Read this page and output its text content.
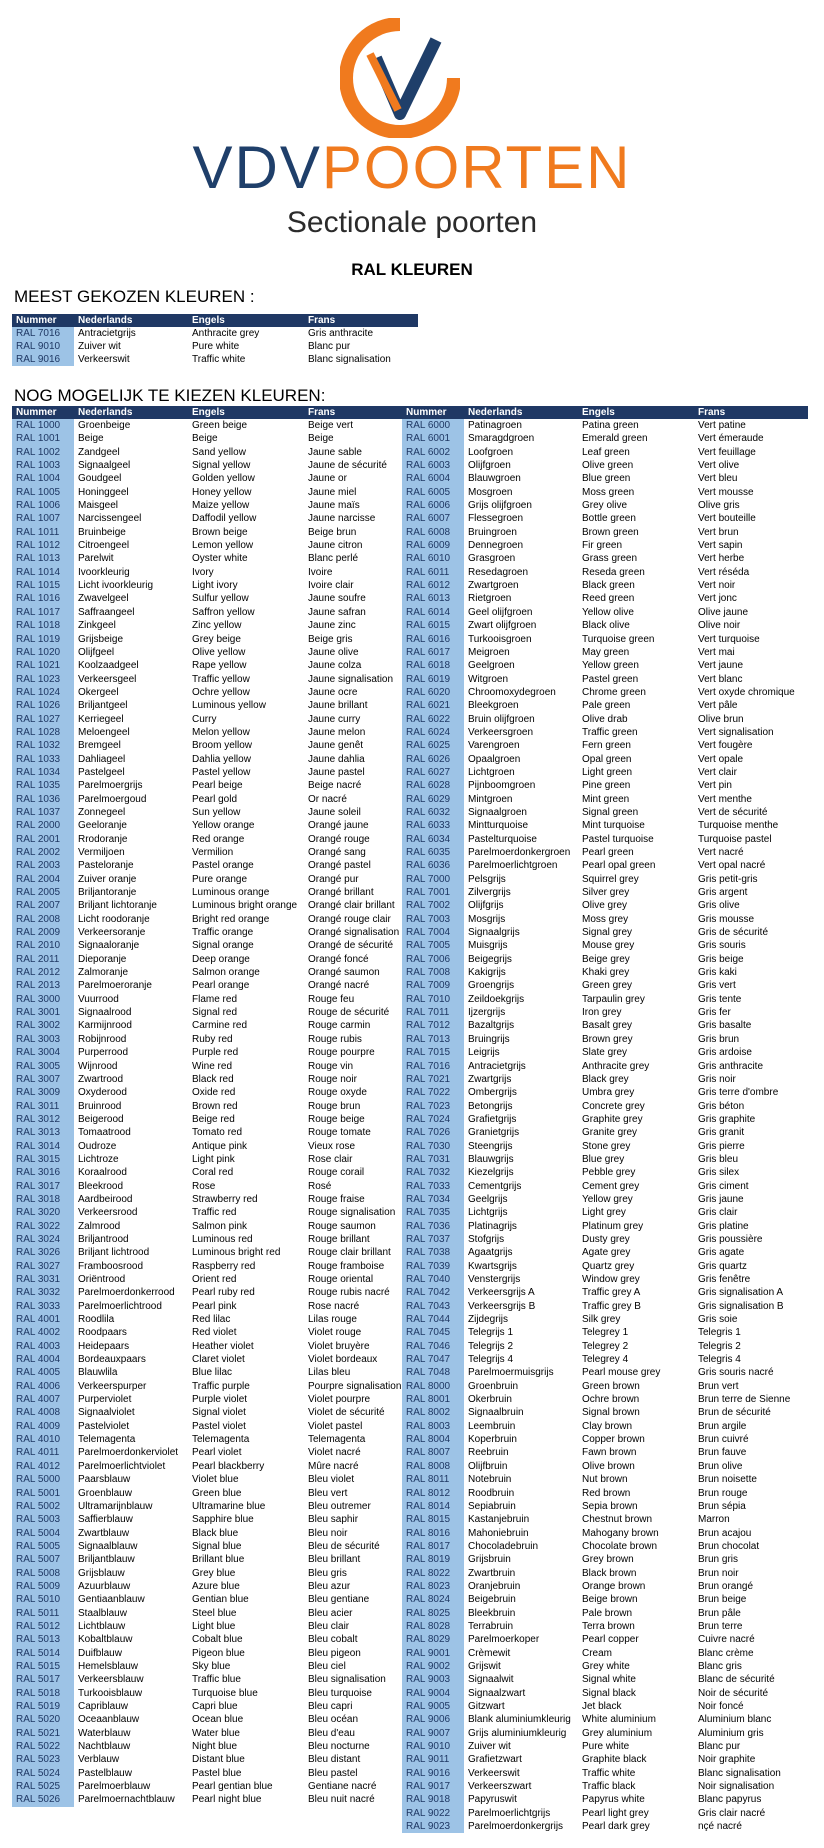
VDVPOORTEN
Sectionale poorten
RAL KLEUREN
MEEST GEKOZEN KLEUREN :
Nummer	Nederlands	Engels	Frans
RAL 7016	Antracietgrijs	Anthracite grey	Gris anthracite
RAL 9010	Zuiver wit	Pure white	Blanc pur
RAL 9016	Verkeerswit	Traffic white	Blanc signalisation
NOG MOGELIJK TE KIEZEN KLEUREN:
Nummer	Nederlands	Engels	Frans
RAL 1000	Groenbeige	Green beige	Beige vert
RAL 1001	Beige	Beige	Beige
RAL 1002	Zandgeel	Sand yellow	Jaune sable
RAL 1003	Signaalgeel	Signal yellow	Jaune de sécurité
RAL 1004	Goudgeel	Golden yellow	Jaune or
RAL 1005	Honinggeel	Honey yellow	Jaune miel
RAL 1006	Maisgeel	Maize yellow	Jaune maïs
RAL 1007	Narcissengeel	Daffodil yellow	Jaune narcisse
RAL 1011	Bruinbeige	Brown beige	Beige brun
RAL 1012	Citroengeel	Lemon yellow	Jaune citron
RAL 1013	Parelwit	Oyster white	Blanc perlé
RAL 1014	Ivoorkleurig	Ivory	Ivoire
RAL 1015	Licht ivoorkleurig	Light ivory	Ivoire clair
RAL 1016	Zwavelgeel	Sulfur yellow	Jaune soufre
RAL 1017	Saffraangeel	Saffron yellow	Jaune safran
RAL 1018	Zinkgeel	Zinc yellow	Jaune zinc
RAL 1019	Grijsbeige	Grey beige	Beige gris
RAL 1020	Olijfgeel	Olive yellow	Jaune olive
RAL 1021	Koolzaadgeel	Rape yellow	Jaune colza
RAL 1023	Verkeersgeel	Traffic yellow	Jaune signalisation
RAL 1024	Okergeel	Ochre yellow	Jaune ocre
RAL 1026	Briljantgeel	Luminous yellow	Jaune brillant
RAL 1027	Kerriegeel	Curry	Jaune curry
RAL 1028	Meloengeel	Melon yellow	Jaune melon
RAL 1032	Bremgeel	Broom yellow	Jaune genêt
RAL 1033	Dahliageel	Dahlia yellow	Jaune dahlia
RAL 1034	Pastelgeel	Pastel yellow	Jaune pastel
RAL 1035	Parelmoergrijs	Pearl beige	Beige nacré
RAL 1036	Parelmoergoud	Pearl gold	Or nacré
RAL 1037	Zonnegeel	Sun yellow	Jaune soleil
RAL 2000	Geeloranje	Yellow orange	Orangé jaune
RAL 2001	Rrodoranje	Red orange	Orangé rouge
RAL 2002	Vermiljoen	Vermilion	Orangé sang
RAL 2003	Pasteloranje	Pastel orange	Orangé pastel
RAL 2004	Zuiver oranje	Pure orange	Orangé pur
RAL 2005	Briljantoranje	Luminous orange	Orangé brillant
RAL 2007	Briljant lichtoranje	Luminous bright orange	Orangé clair brillant
RAL 2008	Licht roodoranje	Bright red orange	Orangé rouge clair
RAL 2009	Verkeersoranje	Traffic orange	Orangé signalisation
RAL 2010	Signaaloranje	Signal orange	Orangé de sécurité
RAL 2011	Dieporanje	Deep orange	Orangé foncé
RAL 2012	Zalmoranje	Salmon orange	Orangé saumon
RAL 2013	Parelmoeroranje	Pearl orange	Orangé nacré
RAL 3000	Vuurrood	Flame red	Rouge feu
RAL 3001	Signaalrood	Signal red	Rouge de sécurité
RAL 3002	Karmijnrood	Carmine red	Rouge carmin
RAL 3003	Robijnrood	Ruby red	Rouge rubis
RAL 3004	Purperrood	Purple red	Rouge pourpre
RAL 3005	Wijnrood	Wine red	Rouge vin
RAL 3007	Zwartrood	Black red	Rouge noir
RAL 3009	Oxyderood	Oxide red	Rouge oxyde
RAL 3011	Bruinrood	Brown red	Rouge brun
RAL 3012	Beigerood	Beige red	Rouge beige
RAL 3013	Tomaatrood	Tomato red	Rouge tomate
RAL 3014	Oudroze	Antique pink	Vieux rose
RAL 3015	Lichtroze	Light pink	Rose clair
RAL 3016	Koraalrood	Coral red	Rouge corail
RAL 3017	Bleekrood	Rose	Rosé
RAL 3018	Aardbeirood	Strawberry red	Rouge fraise
RAL 3020	Verkeersrood	Traffic red	Rouge signalisation
RAL 3022	Zalmrood	Salmon pink	Rouge saumon
RAL 3024	Briljantrood	Luminous red	Rouge brillant
RAL 3026	Briljant lichtrood	Luminous bright red	Rouge clair brillant
RAL 3027	Framboosrood	Raspberry red	Rouge framboise
RAL 3031	Oriëntrood	Orient red	Rouge oriental
RAL 3032	Parelmoerdonkerrood	Pearl ruby red	Rouge rubis nacré
RAL 3033	Parelmoerlichtrood	Pearl pink	Rose nacré
RAL 4001	Roodlila	Red lilac	Lilas rouge
RAL 4002	Roodpaars	Red violet	Violet rouge
RAL 4003	Heidepaars	Heather violet	Violet bruyère
RAL 4004	Bordeauxpaars	Claret violet	Violet bordeaux
RAL 4005	Blauwlila	Blue lilac	Lilas bleu
RAL 4006	Verkeerspurper	Traffic purple	Pourpre signalisation
RAL 4007	Purperviolet	Purple violet	Violet pourpre
RAL 4008	Signaalviolet	Signal violet	Violet de sécurité
RAL 4009	Pastelviolet	Pastel violet	Violet pastel
RAL 4010	Telemagenta	Telemagenta	Telemagenta
RAL 4011	Parelmoerdonkerviolet	Pearl violet	Violet nacré
RAL 4012	Parelmoerlichtviolet	Pearl blackberry	Mûre nacré
RAL 5000	Paarsblauw	Violet blue	Bleu violet
RAL 5001	Groenblauw	Green blue	Bleu vert
RAL 5002	Ultramarijnblauw	Ultramarine blue	Bleu outremer
RAL 5003	Saffierblauw	Sapphire blue	Bleu saphir
RAL 5004	Zwartblauw	Black blue	Bleu noir
RAL 5005	Signaalblauw	Signal blue	Bleu de sécurité
RAL 5007	Briljantblauw	Brillant blue	Bleu brillant
RAL 5008	Grijsblauw	Grey blue	Bleu gris
RAL 5009	Azuurblauw	Azure blue	Bleu azur
RAL 5010	Gentiaanblauw	Gentian blue	Bleu gentiane
RAL 5011	Staalblauw	Steel blue	Bleu acier
RAL 5012	Lichtblauw	Light blue	Bleu clair
RAL 5013	Kobaltblauw	Cobalt blue	Bleu cobalt
RAL 5014	Duifblauw	Pigeon blue	Bleu pigeon
RAL 5015	Hemelsblauw	Sky blue	Bleu ciel
RAL 5017	Verkeersblauw	Traffic blue	Bleu signalisation
RAL 5018	Turkooisblauw	Turquoise blue	Bleu turquoise
RAL 5019	Capriblauw	Capri blue	Bleu capri
RAL 5020	Oceaanblauw	Ocean blue	Bleu océan
RAL 5021	Waterblauw	Water blue	Bleu d'eau
RAL 5022	Nachtblauw	Night blue	Bleu nocturne
RAL 5023	Verblauw	Distant blue	Bleu distant
RAL 5024	Pastelblauw	Pastel blue	Bleu pastel
RAL 5025	Parelmoerblauw	Pearl gentian blue	Gentiane nacré
RAL 5026	Parelmoernachtblauw	Pearl night blue	Bleu nuit nacré
Nummer	Nederlands	Engels	Frans
RAL 6000	Patinagroen	Patina green	Vert patine
RAL 6001	Smaragdgroen	Emerald green	Vert émeraude
RAL 6002	Loofgroen	Leaf green	Vert feuillage
RAL 6003	Olijfgroen	Olive green	Vert olive
RAL 6004	Blauwgroen	Blue green	Vert bleu
RAL 6005	Mosgroen	Moss green	Vert mousse
RAL 6006	Grijs olijfgroen	Grey olive	Olive gris
RAL 6007	Flessegroen	Bottle green	Vert bouteille
RAL 6008	Bruingroen	Brown green	Vert brun
RAL 6009	Dennegroen	Fir green	Vert sapin
RAL 6010	Grasgroen	Grass green	Vert herbe
RAL 6011	Resedagroen	Reseda green	Vert réséda
RAL 6012	Zwartgroen	Black green	Vert noir
RAL 6013	Rietgroen	Reed green	Vert jonc
RAL 6014	Geel olijfgroen	Yellow olive	Olive jaune
RAL 6015	Zwart olijfgroen	Black olive	Olive noir
RAL 6016	Turkooisgroen	Turquoise green	Vert turquoise
RAL 6017	Meigroen	May green	Vert mai
RAL 6018	Geelgroen	Yellow green	Vert jaune
RAL 6019	Witgroen	Pastel green	Vert blanc
RAL 6020	Chroomoxydegroen	Chrome green	Vert oxyde chromique
RAL 6021	Bleekgroen	Pale green	Vert pâle
RAL 6022	Bruin olijfgroen	Olive drab	Olive brun
RAL 6024	Verkeersgroen	Traffic green	Vert signalisation
RAL 6025	Varengroen	Fern green	Vert fougère
RAL 6026	Opaalgroen	Opal green	Vert opale
RAL 6027	Lichtgroen	Light green	Vert clair
RAL 6028	Pijnboomgroen	Pine green	Vert pin
RAL 6029	Mintgroen	Mint green	Vert menthe
RAL 6032	Signaalgroen	Signal green	Vert de sécurité
RAL 6033	Mintturquoise	Mint turquoise	Turquoise menthe
RAL 6034	Pastelturquoise	Pastel turquoise	Turquoise pastel
RAL 6035	Parelmoerdonkergroen	Pearl green	Vert nacré
RAL 6036	Parelmoerlichtgroen	Pearl opal green	Vert opal nacré
RAL 7000	Pelsgrijs	Squirrel grey	Gris petit-gris
RAL 7001	Zilvergrijs	Silver grey	Gris argent
RAL 7002	Olijfgrijs	Olive grey	Gris olive
RAL 7003	Mosgrijs	Moss grey	Gris mousse
RAL 7004	Signaalgrijs	Signal grey	Gris de sécurité
RAL 7005	Muisgrijs	Mouse grey	Gris souris
RAL 7006	Beigegrijs	Beige grey	Gris beige
RAL 7008	Kakigrijs	Khaki grey	Gris kaki
RAL 7009	Groengrijs	Green grey	Gris vert
RAL 7010	Zeildoekgrijs	Tarpaulin grey	Gris tente
RAL 7011	Ijzergrijs	Iron grey	Gris fer
RAL 7012	Bazaltgrijs	Basalt grey	Gris basalte
RAL 7013	Bruingrijs	Brown grey	Gris brun
RAL 7015	Leigrijs	Slate grey	Gris ardoise
RAL 7016	Antracietgrijs	Anthracite grey	Gris anthracite
RAL 7021	Zwartgrijs	Black grey	Gris noir
RAL 7022	Ombergrijs	Umbra grey	Gris terre d'ombre
RAL 7023	Betongrijs	Concrete grey	Gris béton
RAL 7024	Grafietgrijs	Graphite grey	Gris graphite
RAL 7026	Granietgrijs	Granite grey	Gris granit
RAL 7030	Steengrijs	Stone grey	Gris pierre
RAL 7031	Blauwgrijs	Blue grey	Gris bleu
RAL 7032	Kiezelgrijs	Pebble grey	Gris silex
RAL 7033	Cementgrijs	Cement grey	Gris ciment
RAL 7034	Geelgrijs	Yellow grey	Gris jaune
RAL 7035	Lichtgrijs	Light grey	Gris clair
RAL 7036	Platinagrijs	Platinum grey	Gris platine
RAL 7037	Stofgrijs	Dusty grey	Gris poussière
RAL 7038	Agaatgrijs	Agate grey	Gris agate
RAL 7039	Kwartsgrijs	Quartz grey	Gris quartz
RAL 7040	Venstergrijs	Window grey	Gris fenêtre
RAL 7042	Verkeersgrijs A	Traffic grey A	Gris signalisation A
RAL 7043	Verkeersgrijs B	Traffic grey B	Gris signalisation B
RAL 7044	Zijdegrijs	Silk grey	Gris soie
RAL 7045	Telegrijs 1	Telegrey 1	Telegris 1
RAL 7046	Telegrijs 2	Telegrey 2	Telegris 2
RAL 7047	Telegrijs 4	Telegrey 4	Telegris 4
RAL 7048	Parelmoermuisgrijs	Pearl mouse grey	Gris souris nacré
RAL 8000	Groenbruin	Green brown	Brun vert
RAL 8001	Okerbruin	Ochre brown	Brun terre de Sienne
RAL 8002	Signaalbruin	Signal brown	Brun de sécurité
RAL 8003	Leembruin	Clay brown	Brun argile
RAL 8004	Koperbruin	Copper brown	Brun cuivré
RAL 8007	Reebruin	Fawn brown	Brun fauve
RAL 8008	Olijfbruin	Olive brown	Brun olive
RAL 8011	Notebruin	Nut brown	Brun noisette
RAL 8012	Roodbruin	Red brown	Brun rouge
RAL 8014	Sepiabruin	Sepia brown	Brun sépia
RAL 8015	Kastanjebruin	Chestnut brown	Marron
RAL 8016	Mahoniebruin	Mahogany brown	Brun acajou
RAL 8017	Chocoladebruin	Chocolate brown	Brun chocolat
RAL 8019	Grijsbruin	Grey brown	Brun gris
RAL 8022	Zwartbruin	Black brown	Brun noir
RAL 8023	Oranjebruin	Orange brown	Brun orangé
RAL 8024	Beigebruin	Beige brown	Brun beige
RAL 8025	Bleekbruin	Pale brown	Brun pâle
RAL 8028	Terrabruin	Terra brown	Brun terre
RAL 8029	Parelmoerkoper	Pearl copper	Cuivre nacré
RAL 9001	Crèmewit	Cream	Blanc crème
RAL 9002	Grijswit	Grey white	Blanc gris
RAL 9003	Signaalwit	Signal white	Blanc de sécurité
RAL 9004	Signaalzwart	Signal black	Noir de sécurité
RAL 9005	Gitzwart	Jet black	Noir foncé
RAL 9006	Blank aluminiumkleurig	White aluminium	Aluminium blanc
RAL 9007	Grijs aluminiumkleurig	Grey aluminium	Aluminium gris
RAL 9010	Zuiver wit	Pure white	Blanc pur
RAL 9011	Grafietzwart	Graphite black	Noir graphite
RAL 9016	Verkeerswit	Traffic white	Blanc signalisation
RAL 9017	Verkeerszwart	Traffic black	Noir signalisation
RAL 9018	Papyruswit	Papyrus white	Blanc papyrus
RAL 9022	Parelmoerlichtgrijs	Pearl light grey	Gris clair nacré
RAL 9023	Parelmoerdonkergrijs	Pearl dark grey	nçé nacré
